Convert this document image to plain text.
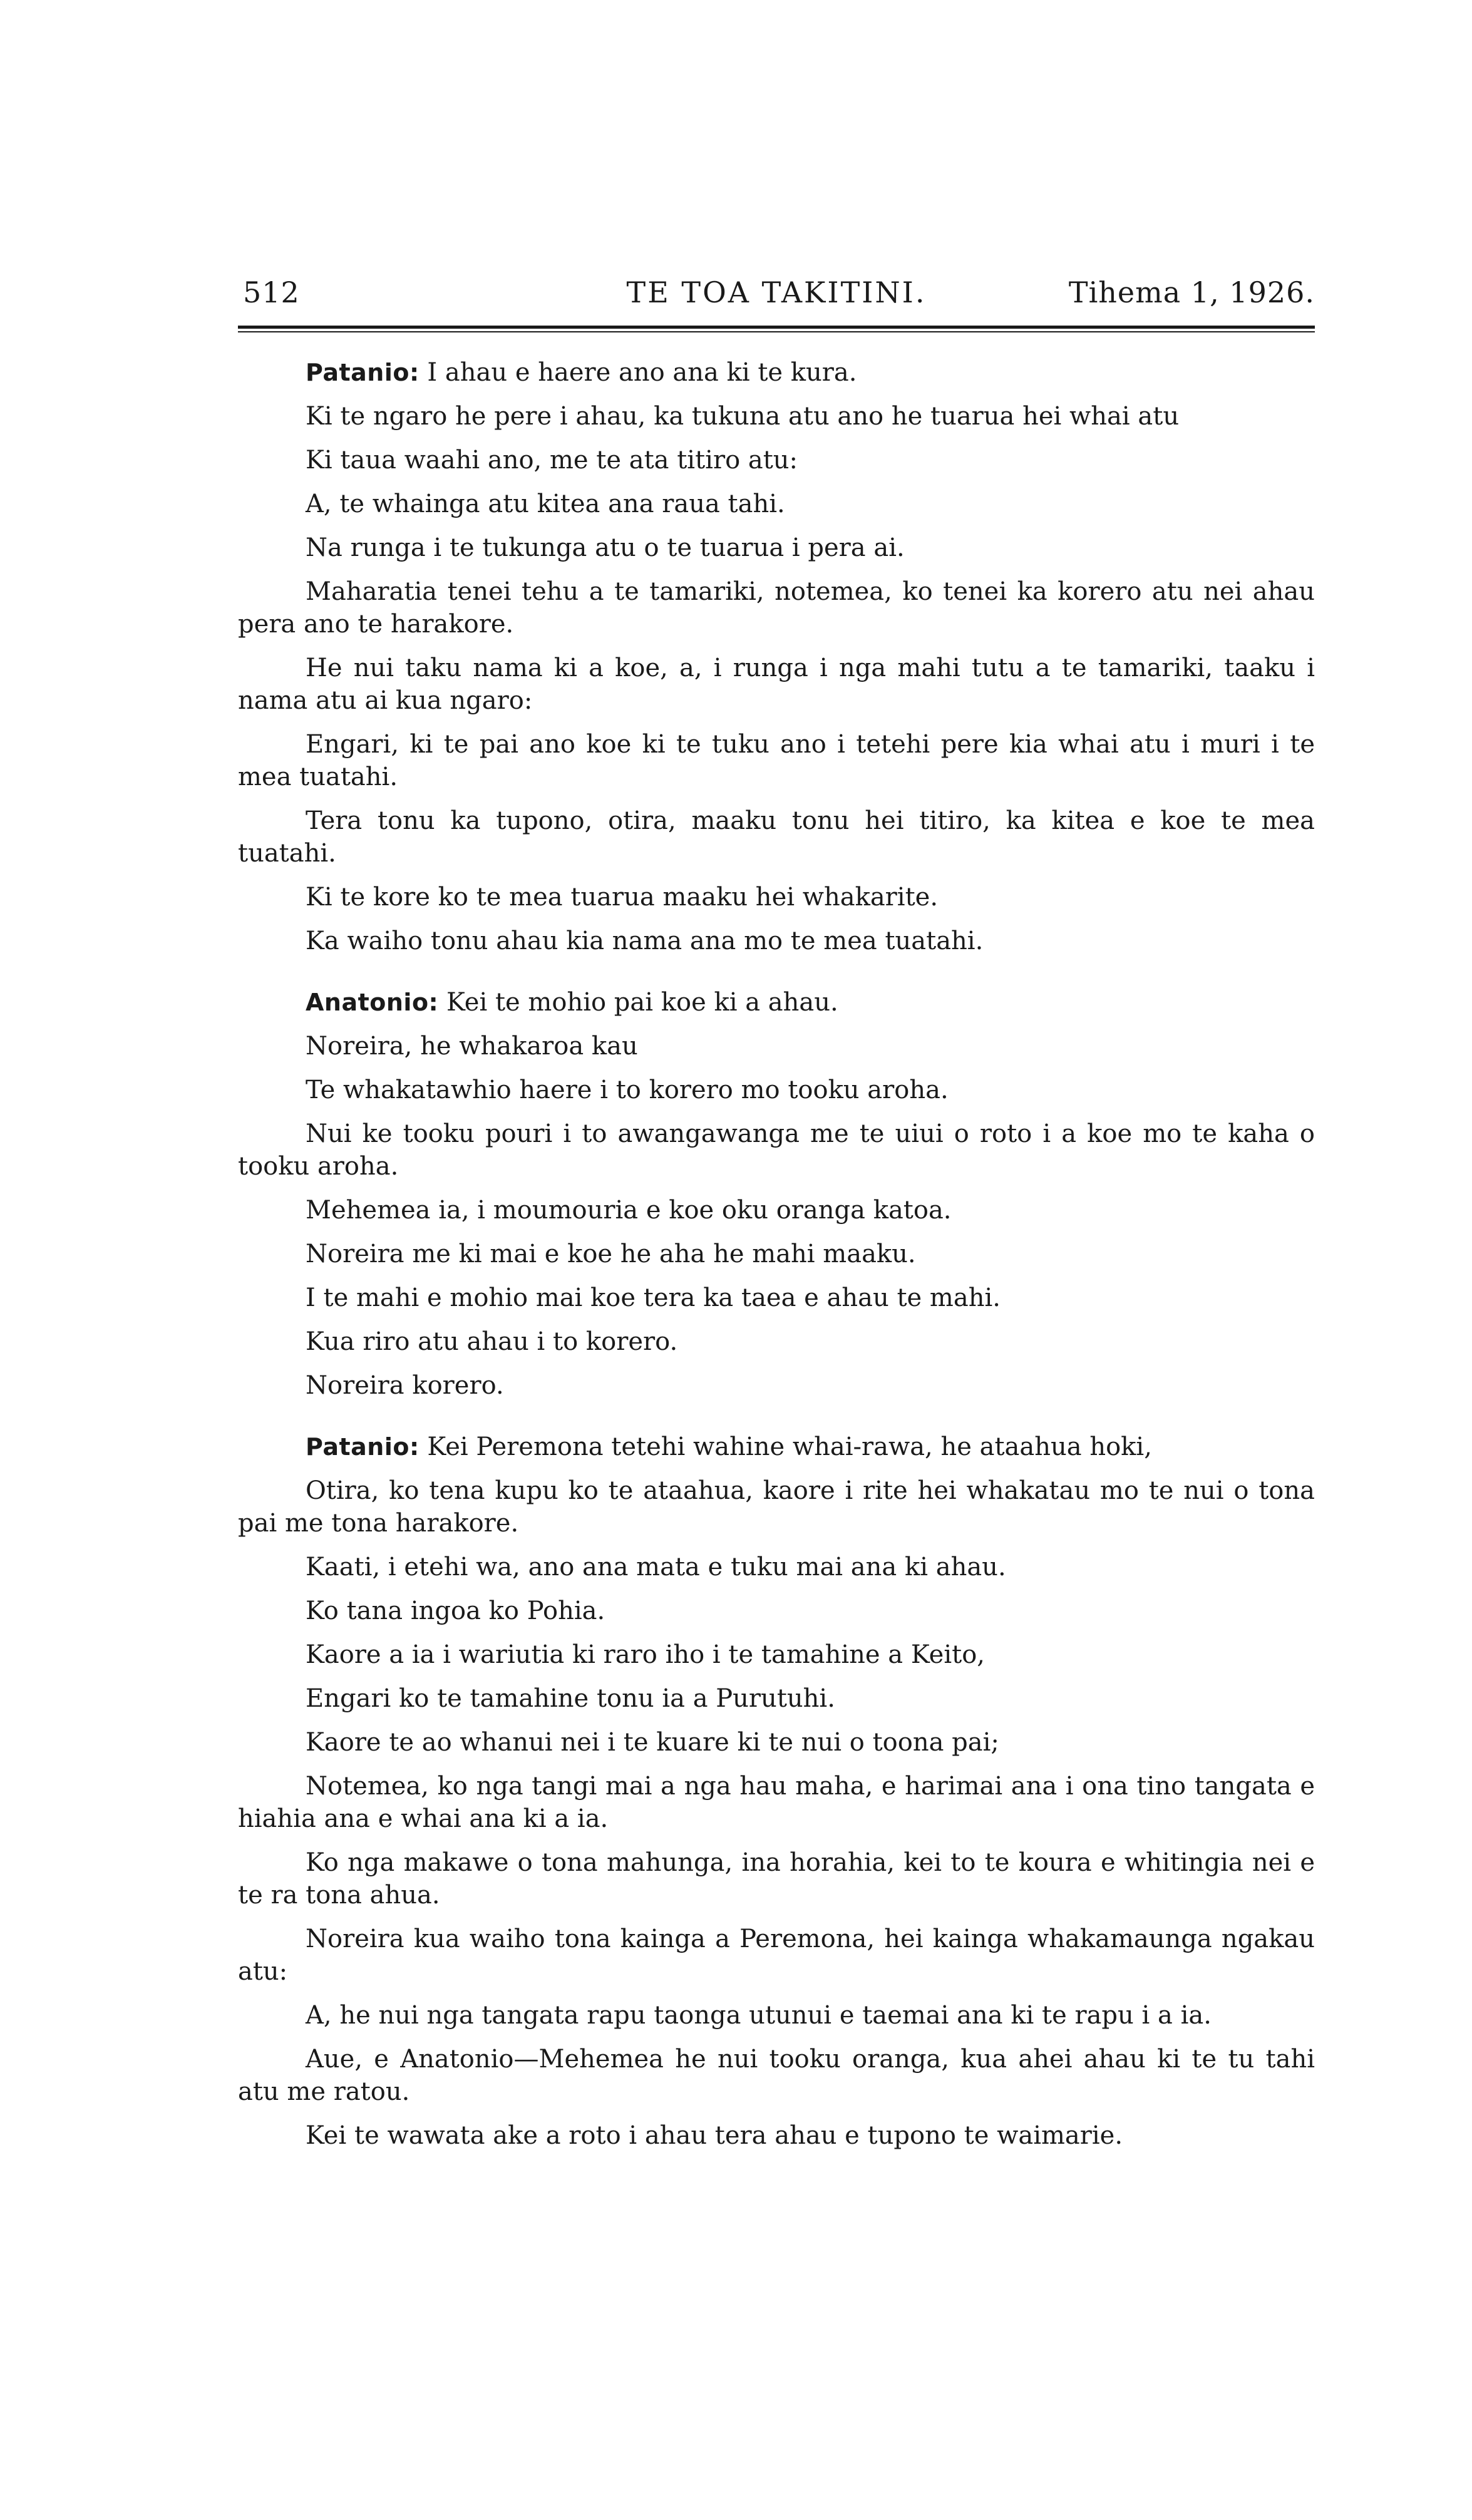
512	TE TOA TAKITINI.	Tihema 1, 1926.

Patanio: I ahau e haere ano ana ki te kura.

Ki te ngaro he pere i ahau, ka tukuna atu ano he tuarua hei whai atu

Ki taua waahi ano, me te ata titiro atu:

A, te whainga atu kitea ana raua tahi.

Na runga i te tukunga atu o te tuarua i pera ai.

Maharatia tenei tehu a te tamariki, notemea, ko tenei ka korero atu nei ahau pera ano te harakore.

He nui taku nama ki a koe, a, i runga i nga mahi tutu a te tamariki, taaku i nama atu ai kua ngaro:

Engari, ki te pai ano koe ki te tuku ano i tetehi pere kia whai atu i muri i te mea tuatahi.

Tera tonu ka tupono, otira, maaku tonu hei titiro, ka kitea e koe te mea tuatahi.

Ki te kore ko te mea tuarua maaku hei whakarite.

Ka waiho tonu ahau kia nama ana mo te mea tuatahi.

Anatonio: Kei te mohio pai koe ki a ahau.

Noreira, he whakaroa kau

Te whakatawhio haere i to korero mo tooku aroha.

Nui ke tooku pouri i to awangawanga me te uiui o roto i a koe mo te kaha o tooku aroha.

Mehemea ia, i moumouria e koe oku oranga katoa.

Noreira me ki mai e koe he aha he mahi maaku.

I te mahi e mohio mai koe tera ka taea e ahau te mahi.

Kua riro atu ahau i to korero.

Noreira korero.

Patanio: Kei Peremona tetehi wahine whai-rawa, he ataahua hoki,

Otira, ko tena kupu ko te ataahua, kaore i rite hei whakatau mo te nui o tona pai me tona harakore.

Kaati, i etehi wa, ano ana mata e tuku mai ana ki ahau.

Ko tana ingoa ko Pohia.

Kaore a ia i wariutia ki raro iho i te tamahine a Keito,

Engari ko te tamahine tonu ia a Purutuhi.

Kaore te ao whanui nei i te kuare ki te nui o toona pai;

Notemea, ko nga tangi mai a nga hau maha, e harimai ana i ona tino tangata e hiahia ana e whai ana ki a ia.

Ko nga makawe o tona mahunga, ina horahia, kei to te koura e whitingia nei e te ra tona ahua.

Noreira kua waiho tona kainga a Peremona, hei kainga whakamaunga ngakau atu:

A, he nui nga tangata rapu taonga utunui e taemai ana ki te rapu i a ia.

Aue, e Anatonio—Mehemea he nui tooku oranga, kua ahei ahau ki te tu tahi atu me ratou.

Kei te wawata ake a roto i ahau tera ahau e tupono te waimarie.
